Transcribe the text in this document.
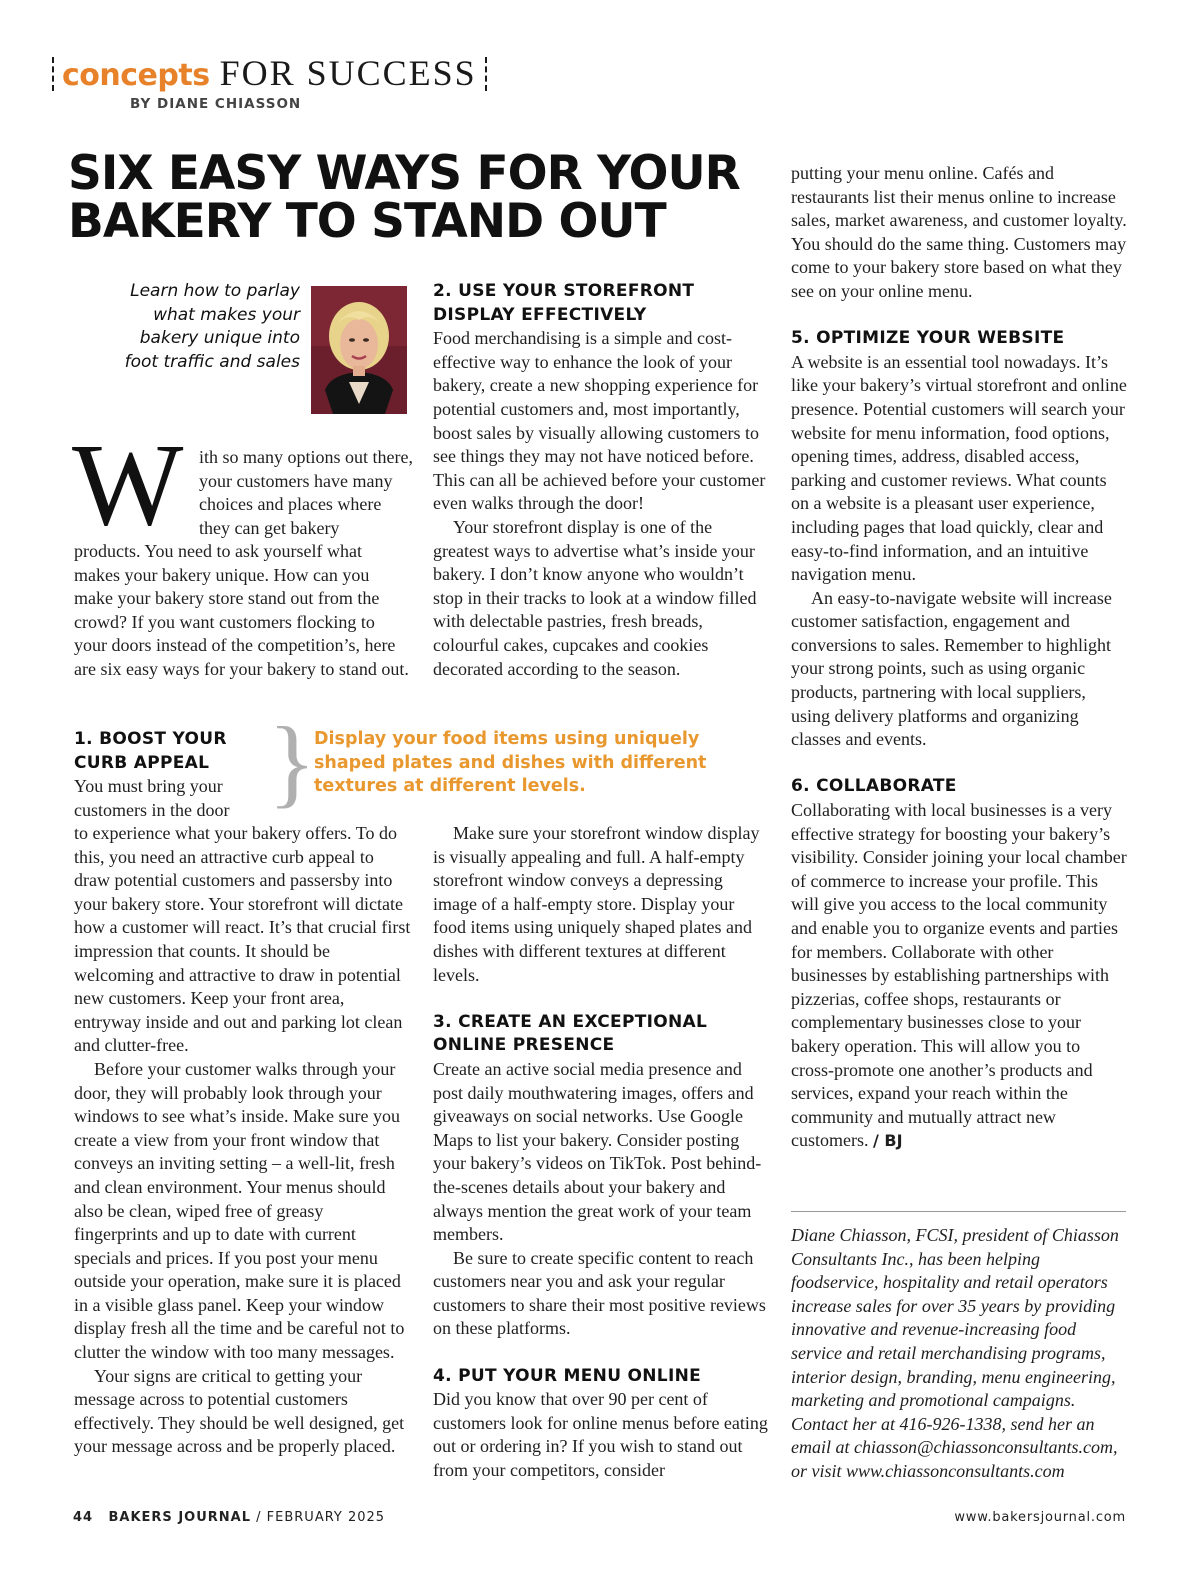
concepts FOR SUCCESS
BY DIANE CHIASSON
SIX EASY WAYS FOR YOUR BAKERY TO STAND OUT
Learn how to parlay what makes your bakery unique into foot traffic and sales
W ith so many options out there, your customers have many choices and places where they can get bakery

products. You need to ask yourself what makes your bakery unique. How can you make your bakery store stand out from the crowd? If you want customers flocking to your doors instead of the competition’s, here are six easy ways for your bakery to stand out.

1. BOOST YOUR CURB APPEAL

You must bring your customers in the door }
Display your food items using uniquely shaped plates and dishes with different textures at different levels.

to experience what your bakery offers. To do this, you need an attractive curb appeal to draw potential customers and passersby into your bakery store. Your storefront will dictate how a customer will react. It’s that crucial first impression that counts. It should be welcoming and attractive to draw in potential new customers. Keep your front area, entryway inside and out and parking lot clean and clutter-free.

Before your customer walks through your door, they will probably look through your windows to see what’s inside. Make sure you create a view from your front window that conveys an inviting setting – a well-lit, fresh and clean environment. Your menus should also be clean, wiped free of greasy fingerprints and up to date with current specials and prices. If you post your menu outside your operation, make sure it is placed in a visible glass panel. Keep your window display fresh all the time and be careful not to clutter the window with too many messages.

Your signs are critical to getting your message across to potential customers effectively. They should be well designed, get your message across and be properly placed.

2. USE YOUR STOREFRONT DISPLAY EFFECTIVELY

Food merchandising is a simple and cost-effective way to enhance the look of your bakery, create a new shopping experience for potential customers and, most importantly, boost sales by visually allowing customers to see things they may not have noticed before. This can all be achieved before your customer even walks through the door!

Your storefront display is one of the greatest ways to advertise what’s inside your bakery. I don’t know anyone who wouldn’t stop in their tracks to look at a window filled with delectable pastries, fresh breads, colourful cakes, cupcakes and cookies decorated according to the season.

Make sure your storefront window display is visually appealing and full. A half-empty storefront window conveys a depressing image of a half-empty store. Display your food items using uniquely shaped plates and dishes with different textures at different levels.

3. CREATE AN EXCEPTIONAL ONLINE PRESENCE

Create an active social media presence and post daily mouthwatering images, offers and giveaways on social networks. Use Google Maps to list your bakery. Consider posting your bakery’s videos on TikTok. Post behind-the-scenes details about your bakery and always mention the great work of your team members.

Be sure to create specific content to reach customers near you and ask your regular customers to share their most positive reviews on these platforms.

4. PUT YOUR MENU ONLINE

Did you know that over 90 per cent of customers look for online menus before eating out or ordering in? If you wish to stand out from your competitors, consider

putting your menu online. Cafés and restaurants list their menus online to increase sales, market awareness, and customer loyalty. You should do the same thing. Customers may come to your bakery store based on what they see on your online menu.

5. OPTIMIZE YOUR WEBSITE

A website is an essential tool nowadays. It’s like your bakery’s virtual storefront and online presence. Potential customers will search your website for menu information, food options, opening times, address, disabled access, parking and customer reviews. What counts on a website is a pleasant user experience, including pages that load quickly, clear and easy-to-find information, and an intuitive navigation menu.

An easy-to-navigate website will increase customer satisfaction, engagement and conversions to sales. Remember to highlight your strong points, such as using organic products, partnering with local suppliers, using delivery platforms and organizing classes and events.

6. COLLABORATE

Collaborating with local businesses is a very effective strategy for boosting your bakery’s visibility. Consider joining your local chamber of commerce to increase your profile. This will give you access to the local community and enable you to organize events and parties for members. Collaborate with other businesses by establishing partnerships with pizzerias, coffee shops, restaurants or complementary businesses close to your bakery operation. This will allow you to cross-promote one another’s products and services, expand your reach within the community and mutually attract new customers. / BJ

Diane Chiasson, FCSI, president of Chiasson Consultants Inc., has been helping foodservice, hospitality and retail operators increase sales for over 35 years by providing innovative and revenue-increasing food service and retail merchandising programs, interior design, branding, menu engineering, marketing and promotional campaigns. Contact her at 416-926-1338, send her an email at chiasson@chiassonconsultants.com, or visit www.chiassonconsultants.com
44 BAKERS JOURNAL / FEBRUARY 2025	www.bakersjournal.com
